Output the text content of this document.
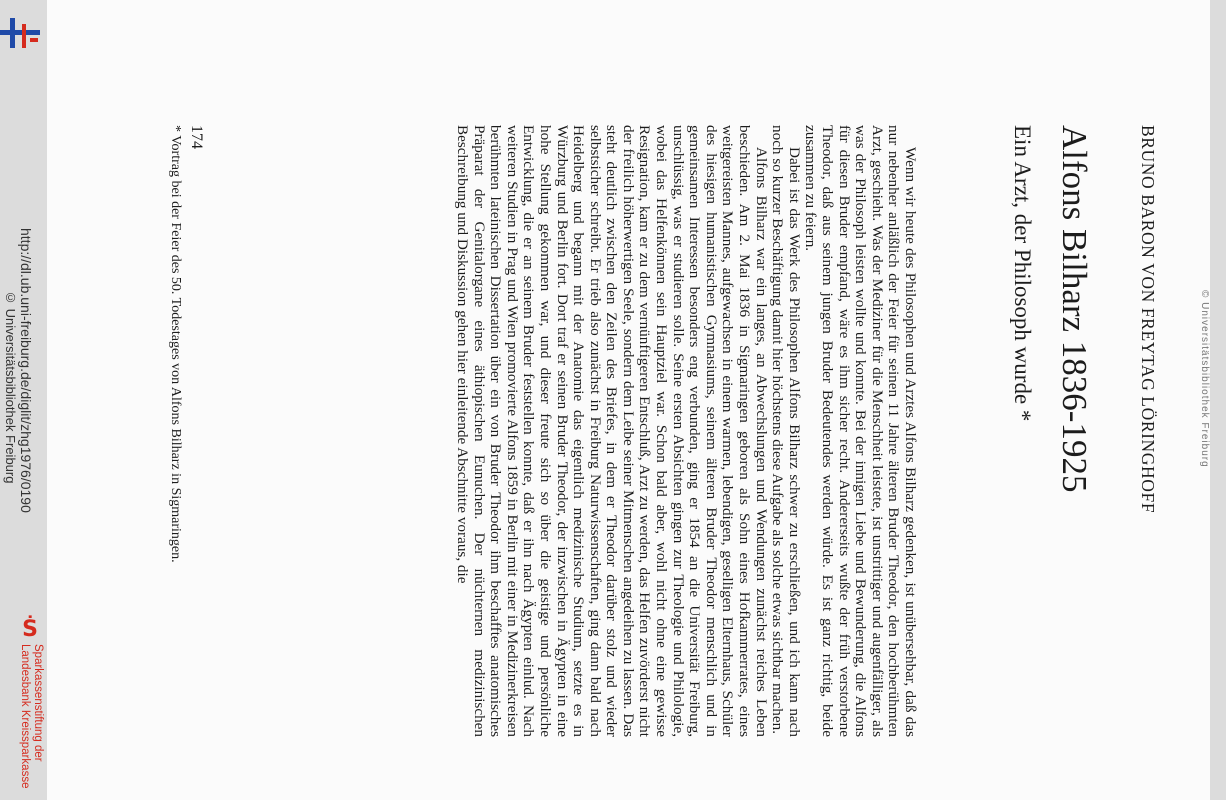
http://dl.ub.uni-freiburg.de/diglit/zhg1976/0190
© Universitätsbibliothek Freiburg
Ṡ
Sparkassenstiftung der
Landesbank Kreissparkasse
© Universitätsbibliothek Freiburg

BRUNO BARON VON FREYTAG LÖRINGHOFF

Alfons Bilharz 1836-1925
Ein Arzt, der Philosoph wurde *

Wenn wir heute des Philosophen und Arztes Alfons Bilharz gedenken, ist unübersehbar, daß das nur nebenher anläßlich der Feier für seinen 11 Jahre älteren Bruder Theodor, den hochberühmten Arzt, geschieht. Was der Mediziner für die Menschheit leistete, ist unstrittiger und augenfälliger, als was der Philosoph leisten wollte und konnte. Bei der innigen Liebe und Bewunderung, die Alfons für diesen Bruder empfand, wäre es ihm sicher recht. Andererseits wußte der früh verstorbene Theodor, daß aus seinem jungen Bruder Bedeutendes werden würde. Es ist ganz richtig, beide zusammen zu feiern.

Dabei ist das Werk des Philosophen Alfons Bilharz schwer zu erschließen, und ich kann nach noch so kurzer Beschäftigung damit hier höchstens diese Aufgabe als solche etwas sichtbar machen.

Alfons Bilharz war ein langes, an Abwechslungen und Wendungen zunächst reiches Leben beschieden. Am 2. Mai 1836 in Sigmaringen geboren als Sohn eines Hofkammerrates, eines weitgereisten Mannes, aufgewachsen in einem warmen, lebendigen, geselligen Elternhaus, Schüler des hiesigen humanistischen Gymnasiums, seinem älteren Bruder Theodor menschlich und in gemeinsamen Interessen besonders eng verbunden, ging er 1854 an die Universität Freiburg, unschlüssig, was er studieren solle. Seine ersten Absichten gingen zur Theologie und Philologie, wobei das Helfenkönnen sein Hauptziel war. Schon bald aber, wohl nicht ohne eine gewisse Resignation, kam er zu dem vernünftigeren Entschluß, Arzt zu werden, das Helfen zuvörderst nicht der freilich höherwertigen Seele, sondern dem Leibe seiner Mitmenschen angedeihen zu lassen. Das steht deutlich zwischen den Zeilen des Briefes, in dem er Theodor darüber stolz und wieder selbstsicher schreibt. Er trieb also zunächst in Freiburg Naturwissenschaften, ging dann bald nach Heidelberg und begann mit der Anatomie das eigentlich medizinische Studium, setzte es in Würzburg und Berlin fort. Dort traf er seinen Bruder Theodor, der inzwischen in Ägypten in eine hohe Stellung gekommen war, und dieser freute sich so über die geistige und persönliche Entwicklung, die er an seinem Bruder feststellen konnte, daß er ihn nach Ägypten einlud. Nach weiteren Studien in Prag und Wien promovierte Alfons 1859 in Berlin mit einer in Medizinerkreisen berühmten lateinischen Dissertation über ein von Bruder Theodor ihm beschafftes anatomisches Präparat der Genitalorgane eines äthiopischen Eunuchen. Der nüchternen medizinischen Beschreibung und Diskussion gehen hier einleitende Abschnitte voraus, die

174

* Vortrag bei der Feier des 50. Todestages von Alfons Bilharz in Sigmaringen.
